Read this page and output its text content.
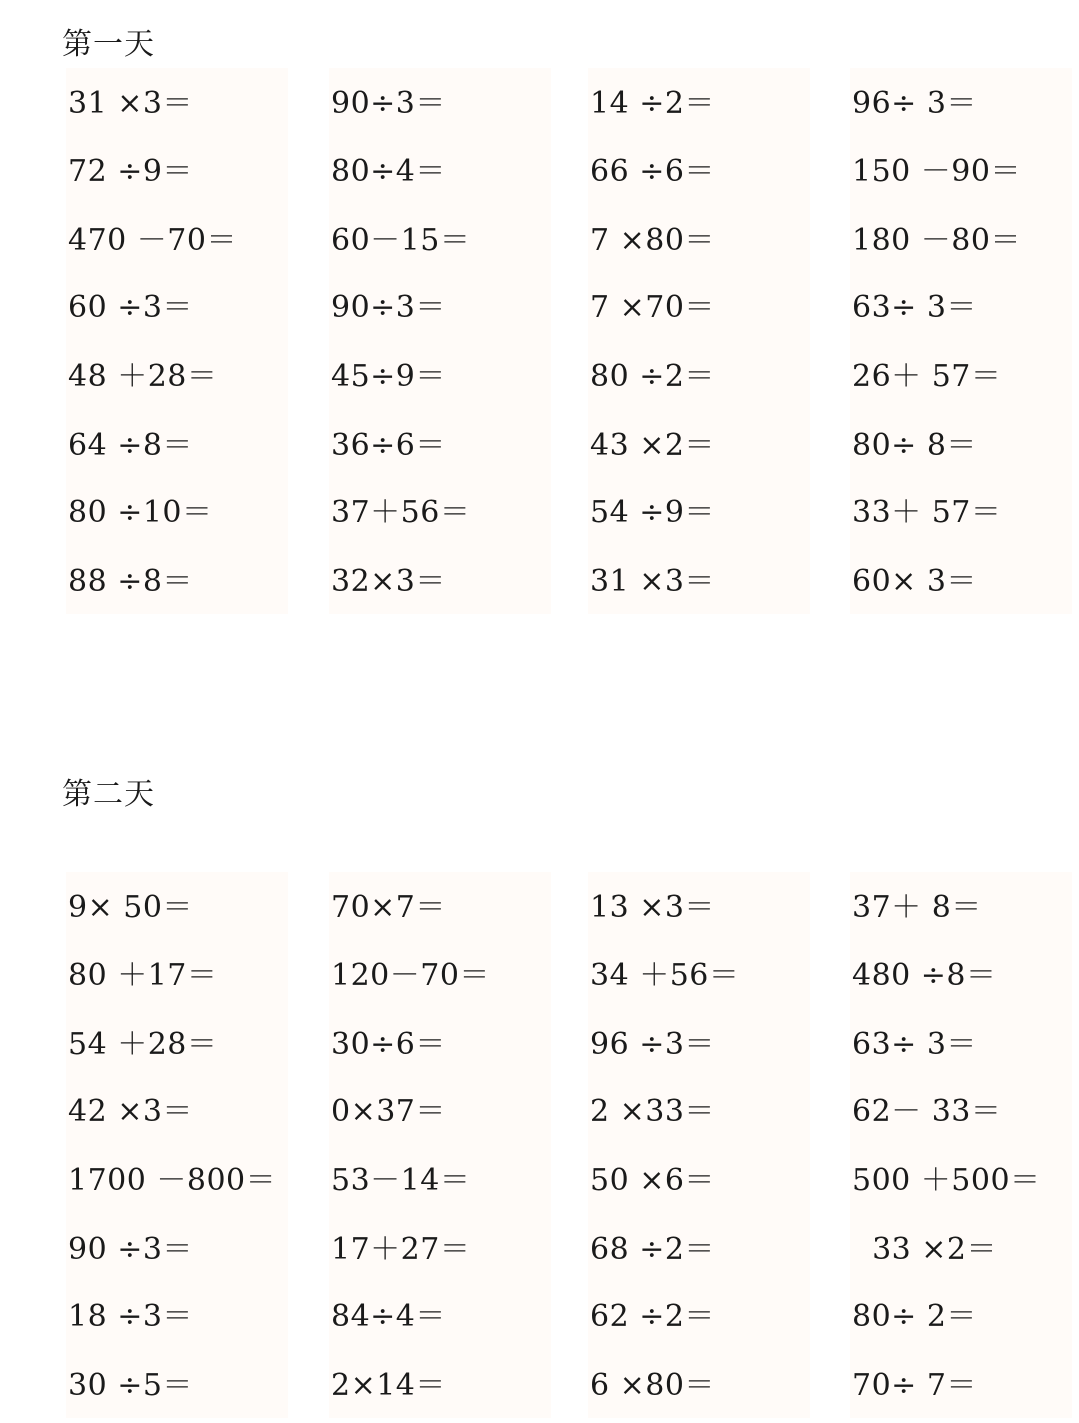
第一天
31 ×3＝
72 ÷9＝
470 －70＝
60 ÷3＝
48 ＋28＝
64 ÷8＝
80 ÷10＝
88 ÷8＝
90÷3＝
80÷4＝
60－15＝
90÷3＝
45÷9＝
36÷6＝
37＋56＝
32×3＝
14 ÷2＝
66 ÷6＝
7 ×80＝
7 ×70＝
80 ÷2＝
43 ×2＝
54 ÷9＝
31 ×3＝
96÷ 3＝
150 －90＝
180 －80＝
63÷ 3＝
26＋ 57＝
80÷ 8＝
33＋ 57＝
60× 3＝
第二天
9× 50＝
80 ＋17＝
54 ＋28＝
42 ×3＝
1700 －800＝
90 ÷3＝
18 ÷3＝
30 ÷5＝
70×7＝
120－70＝
30÷6＝
0×37＝
53－14＝
17＋27＝
84÷4＝
2×14＝
13 ×3＝
34 ＋56＝
96 ÷3＝
2 ×33＝
50 ×6＝
68 ÷2＝
62 ÷2＝
6 ×80＝
37＋ 8＝
480 ÷8＝
63÷ 3＝
62－ 33＝
500 ＋500＝
33 ×2＝
80÷ 2＝
70÷ 7＝
